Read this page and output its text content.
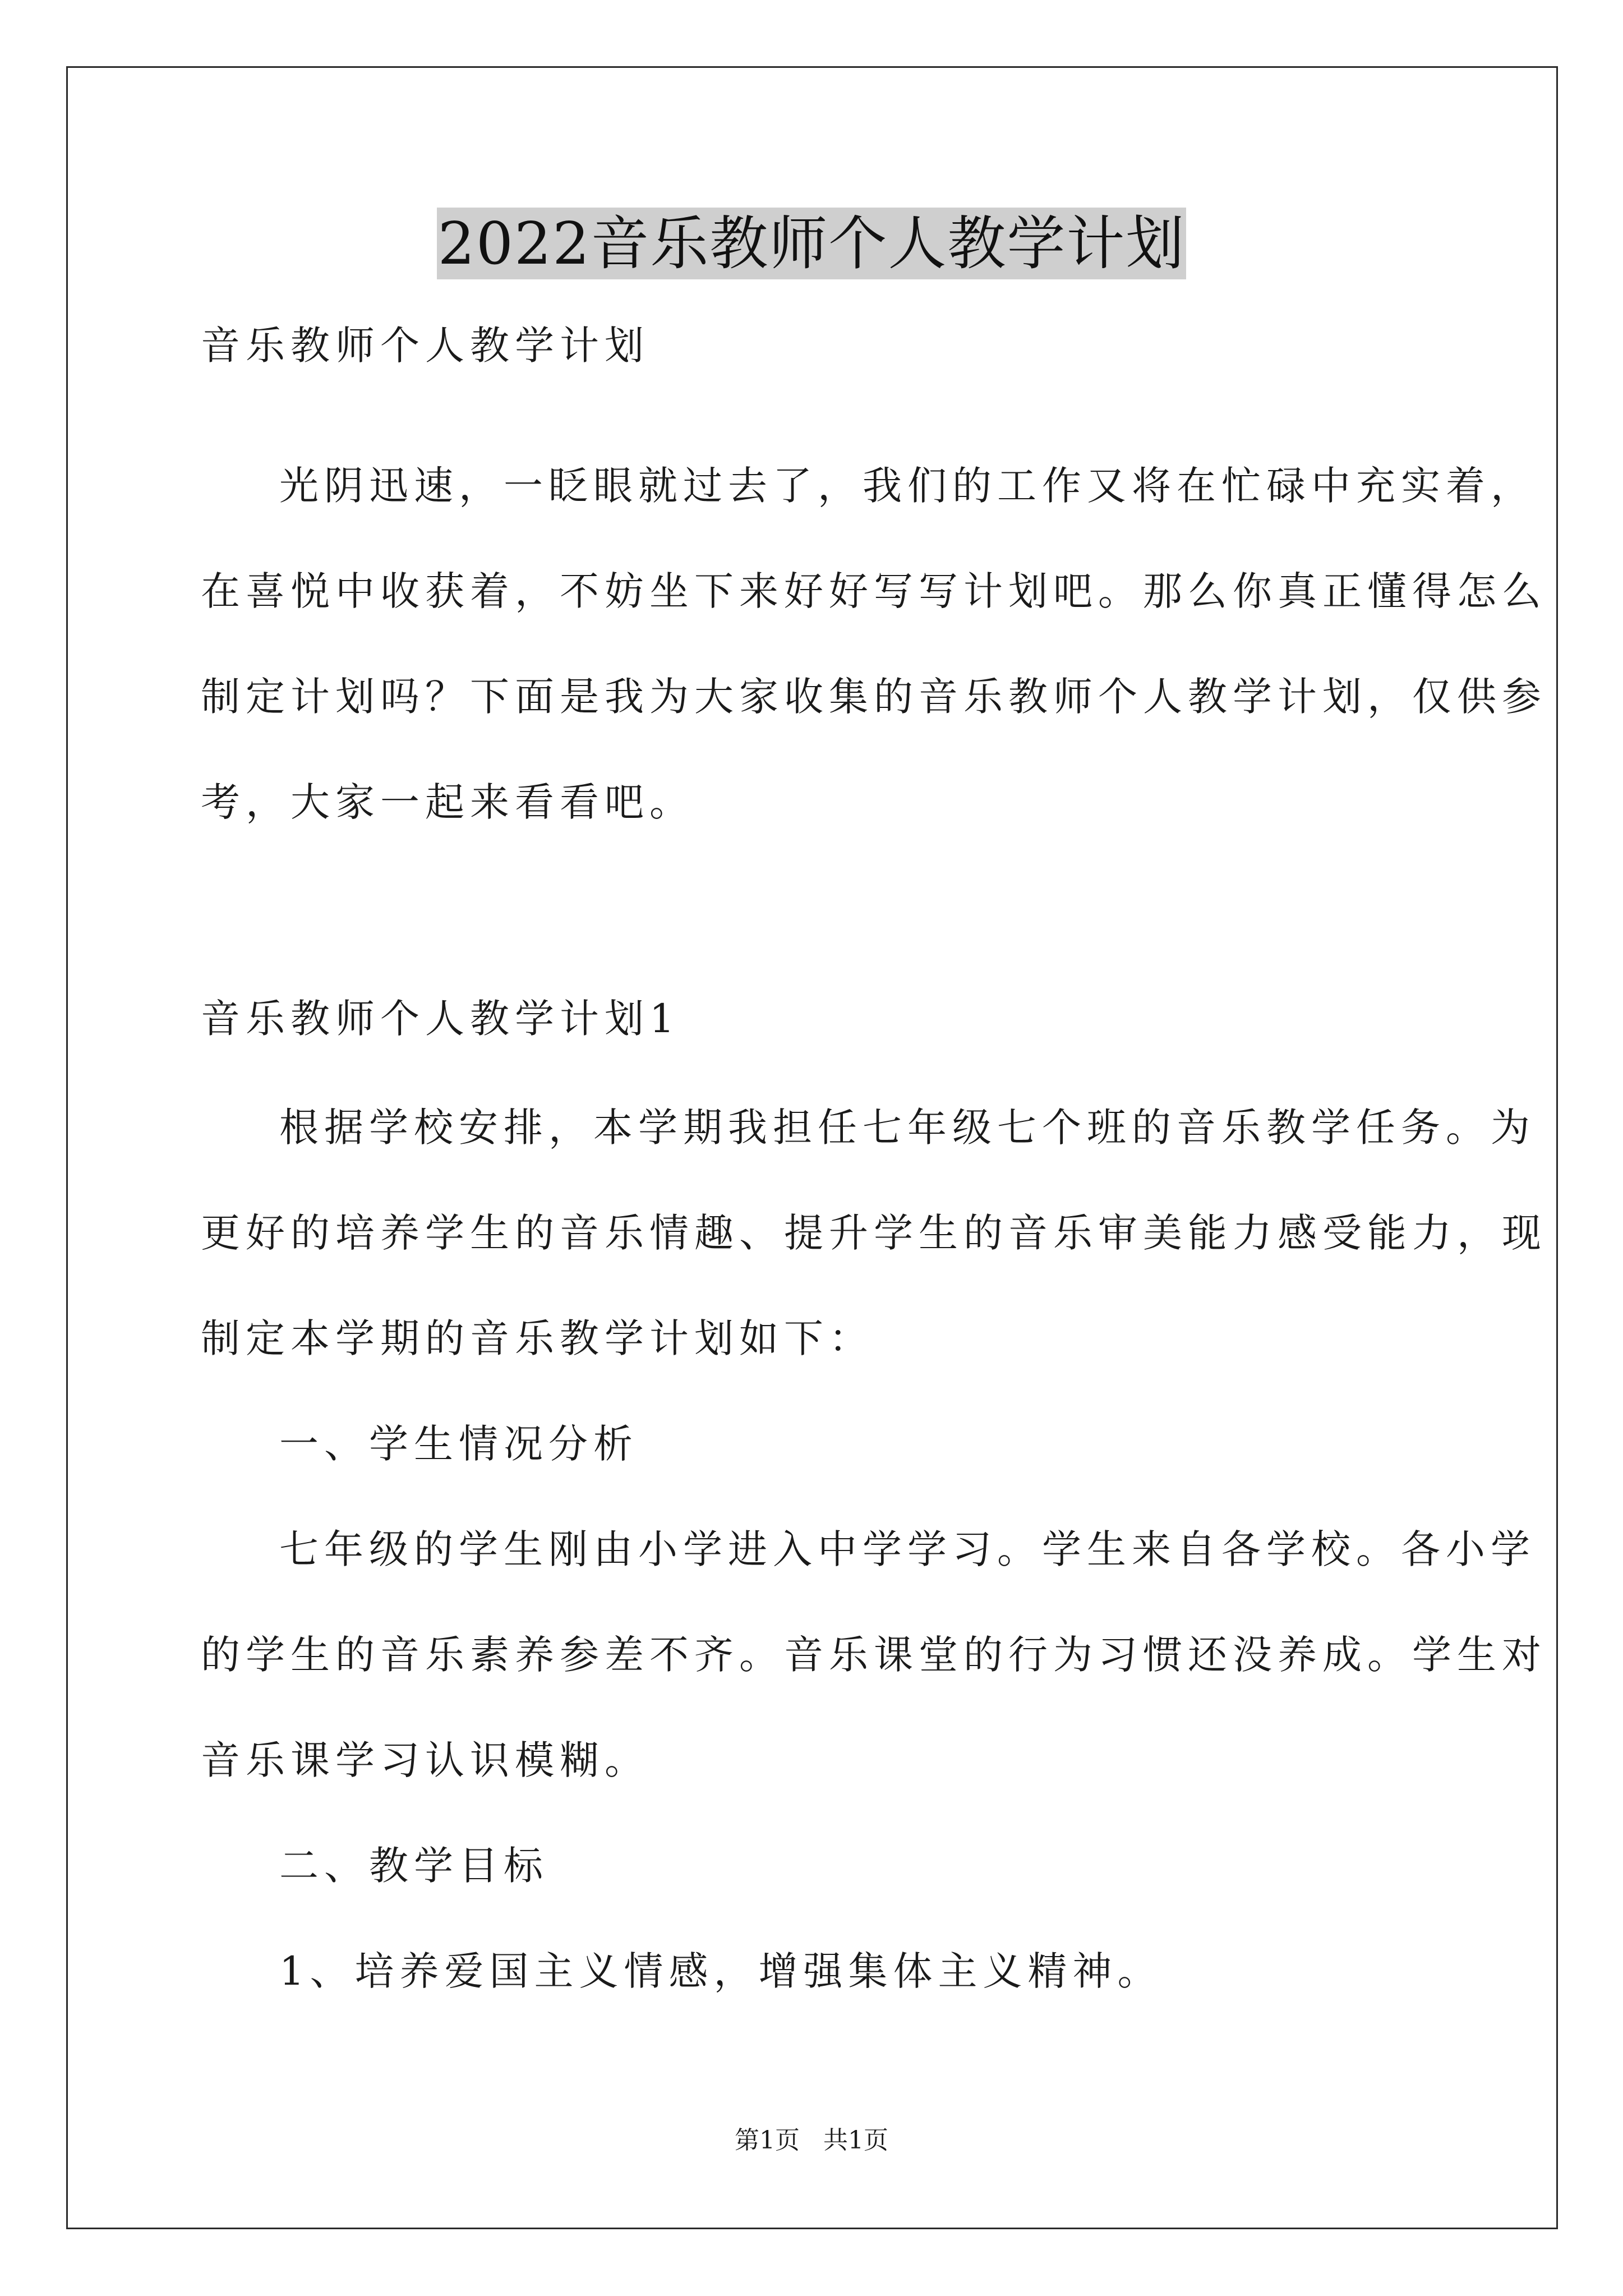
2022音乐教师个人教学计划

音乐教师个人教学计划

光阴迅速，一眨眼就过去了，我们的工作又将在忙碌中充实着，

在喜悦中收获着，不妨坐下来好好写写计划吧。那么你真正懂得怎么

制定计划吗？下面是我为大家收集的音乐教师个人教学计划，仅供参

考，大家一起来看看吧。

音乐教师个人教学计划1

根据学校安排，本学期我担任七年级七个班的音乐教学任务。为

更好的培养学生的音乐情趣、提升学生的音乐审美能力感受能力，现

制定本学期的音乐教学计划如下：

一、学生情况分析

七年级的学生刚由小学进入中学学习。学生来自各学校。各小学

的学生的音乐素养参差不齐。音乐课堂的行为习惯还没养成。学生对

音乐课学习认识模糊。

二、教学目标

1、培养爱国主义情感，增强集体主义精神。

第1页 共1页
